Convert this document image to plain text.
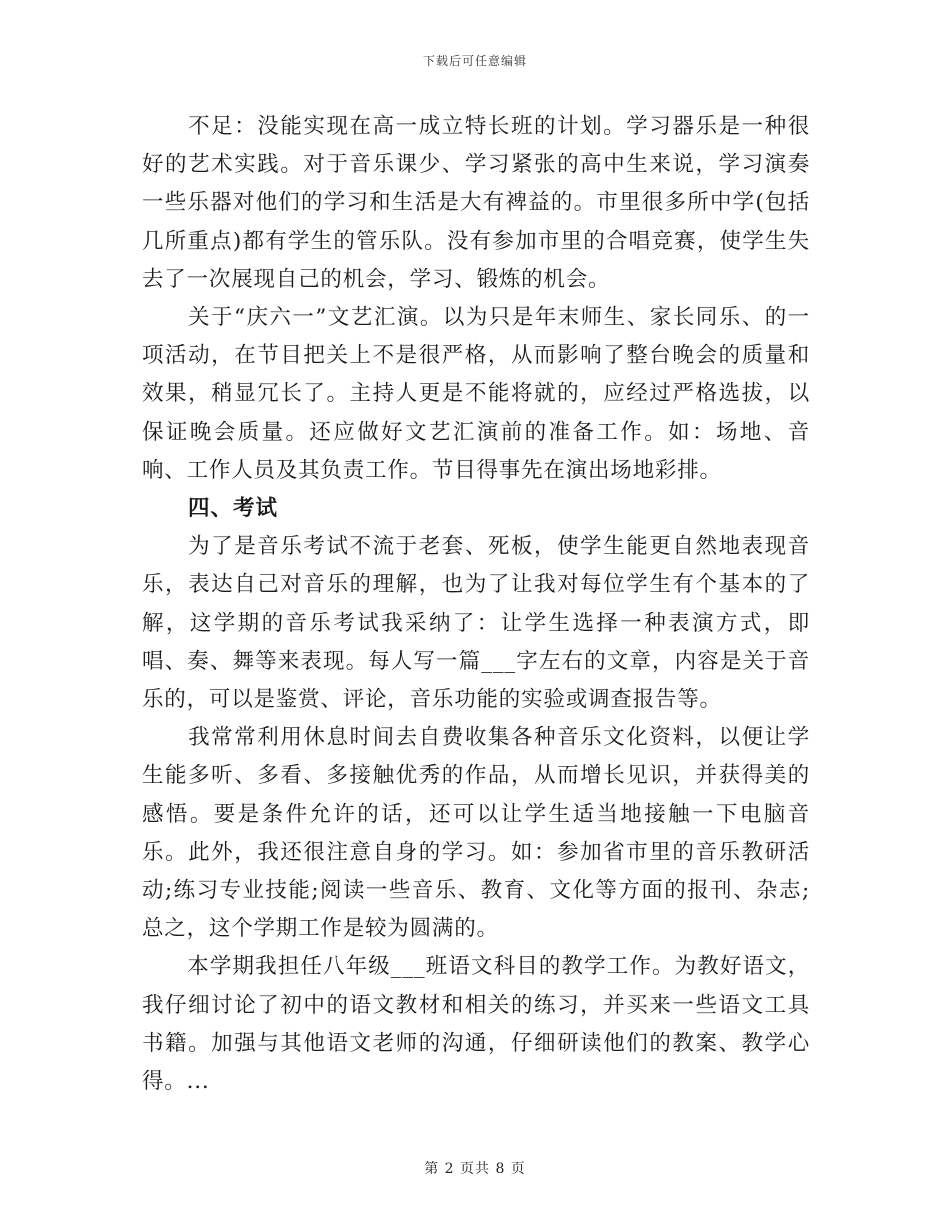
下载后可任意编辑

　　不足：没能实现在高一成立特长班的计划。学习器乐是一种很好的艺术实践。对于音乐课少、学习紧张的高中生来说，学习演奏一些乐器对他们的学习和生活是大有裨益的。市里很多所中学(包括几所重点)都有学生的管乐队。没有参加市里的合唱竞赛，使学生失去了一次展现自己的机会，学习、锻炼的机会。

　　关于“庆六一”文艺汇演。以为只是年末师生、家长同乐、的一项活动，在节目把关上不是很严格，从而影响了整台晚会的质量和效果，稍显冗长了。主持人更是不能将就的，应经过严格选拔，以保证晚会质量。还应做好文艺汇演前的准备工作。如：场地、音响、工作人员及其负责工作。节目得事先在演出场地彩排。

四、考试

　　为了是音乐考试不流于老套、死板，使学生能更自然地表现音乐，表达自己对音乐的理解，也为了让我对每位学生有个基本的了解，这学期的音乐考试我采纳了：让学生选择一种表演方式，即唱、奏、舞等来表现。每人写一篇___字左右的文章，内容是关于音乐的，可以是鉴赏、评论，音乐功能的实验或调查报告等。

　　我常常利用休息时间去自费收集各种音乐文化资料，以便让学生能多听、多看、多接触优秀的作品，从而增长见识，并获得美的感悟。要是条件允许的话，还可以让学生适当地接触一下电脑音乐。此外，我还很注意自身的学习。如：参加省市里的音乐教研活动;练习专业技能;阅读一些音乐、教育、文化等方面的报刊、杂志;总之，这个学期工作是较为圆满的。

　　本学期我担任八年级___班语文科目的教学工作。为教好语文，我仔细讨论了初中的语文教材和相关的练习，并买来一些语文工具书籍。加强与其他语文老师的沟通，仔细研读他们的教案、教学心得。...

第 2 页共 8 页
